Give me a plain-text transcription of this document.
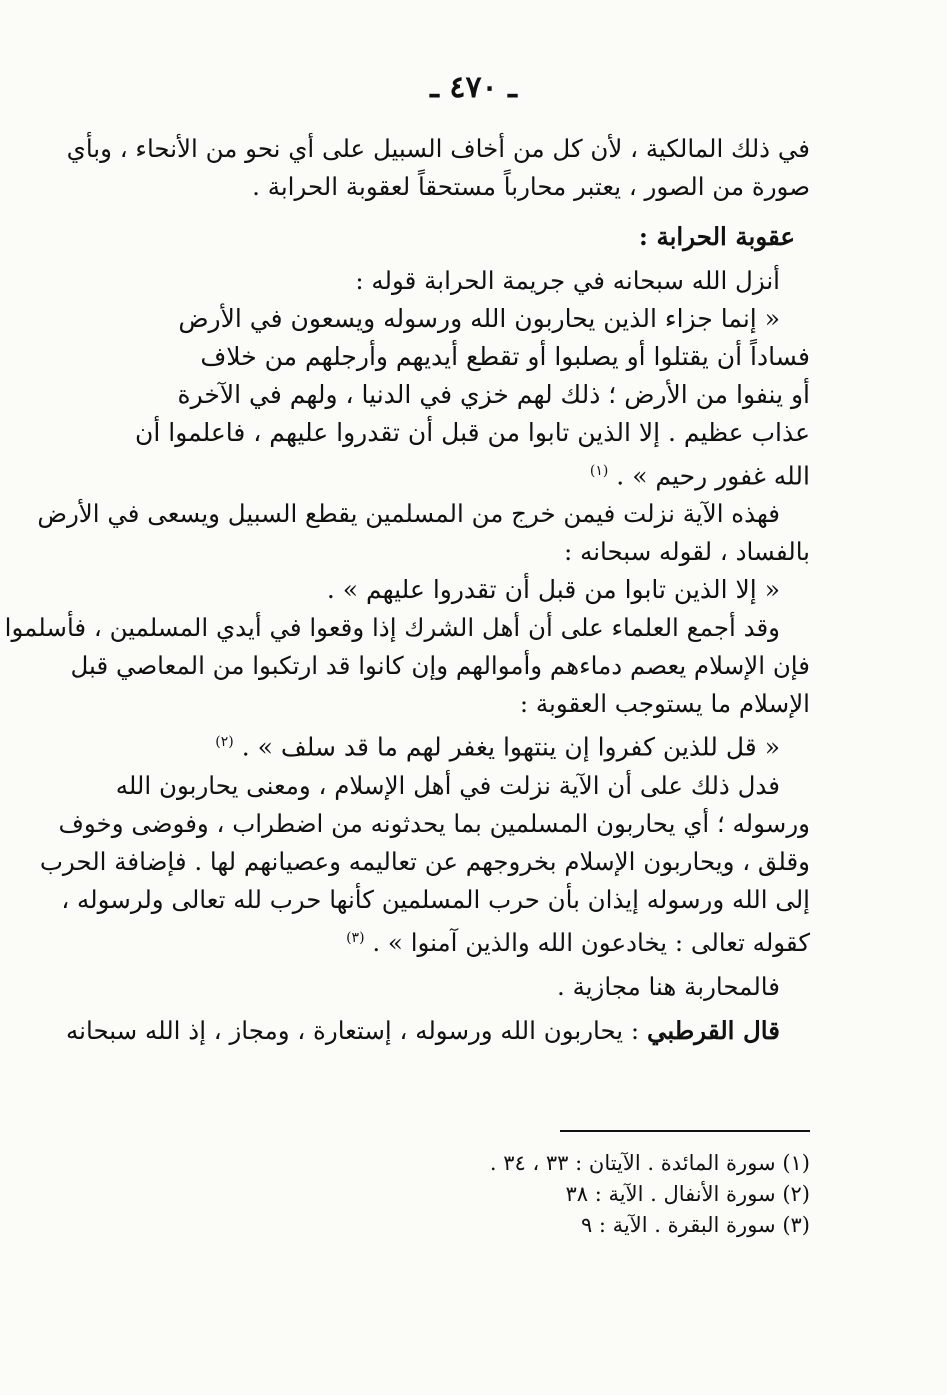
ـ ٤٧٠ ـ
في ذلك المالكية ، لأن كل من أخاف السبيل على أي نحو من الأنحاء ، وبأي
صورة من الصور ، يعتبر محارباً مستحقاً لعقوبة الحرابة .
عقوبة الحرابة :
أنزل الله سبحانه في جريمة الحرابة قوله :
« إنما جزاء الذين يحاربون الله ورسوله ويسعون في الأرض
فساداً أن يقتلوا أو يصلبوا أو تقطع أيديهم وأرجلهم من خلاف
أو ينفوا من الأرض ؛ ذلك لهم خزي في الدنيا ، ولهم في الآخرة
عذاب عظيم . إلا الذين تابوا من قبل أن تقدروا عليهم ، فاعلموا أن
الله غفور رحيم » . $^{(١)}$
فهذه الآية نزلت فيمن خرج من المسلمين يقطع السبيل ويسعى في الأرض
بالفساد ، لقوله سبحانه :
« إلا الذين تابوا من قبل أن تقدروا عليهم » .
وقد أجمع العلماء على أن أهل الشرك إذا وقعوا في أيدي المسلمين ، فأسلموا
فإن الإسلام يعصم دماءهم وأموالهم وإن كانوا قد ارتكبوا من المعاصي قبل
الإسلام ما يستوجب العقوبة :
« قل للذين كفروا إن ينتهوا يغفر لهم ما قد سلف » . $^{(٢)}$
فدل ذلك على أن الآية نزلت في أهل الإسلام ، ومعنى يحاربون الله
ورسوله ؛ أي يحاربون المسلمين بما يحدثونه من اضطراب ، وفوضى وخوف
وقلق ، ويحاربون الإسلام بخروجهم عن تعاليمه وعصيانهم لها . فإضافة الحرب
إلى الله ورسوله إيذان بأن حرب المسلمين كأنها حرب لله تعالى ولرسوله ،
كقوله تعالى : يخادعون الله والذين آمنوا » . $^{(٣)}$
فالمحاربة هنا مجازية .
قال القرطبي : يحاربون الله ورسوله ، إستعارة ، ومجاز ، إذ الله سبحانه
(١) سورة المائدة . الآيتان : ٣٣ ، ٣٤ .
(٢) سورة الأنفال . الآية : ٣٨
(٣) سورة البقرة . الآية : ٩
